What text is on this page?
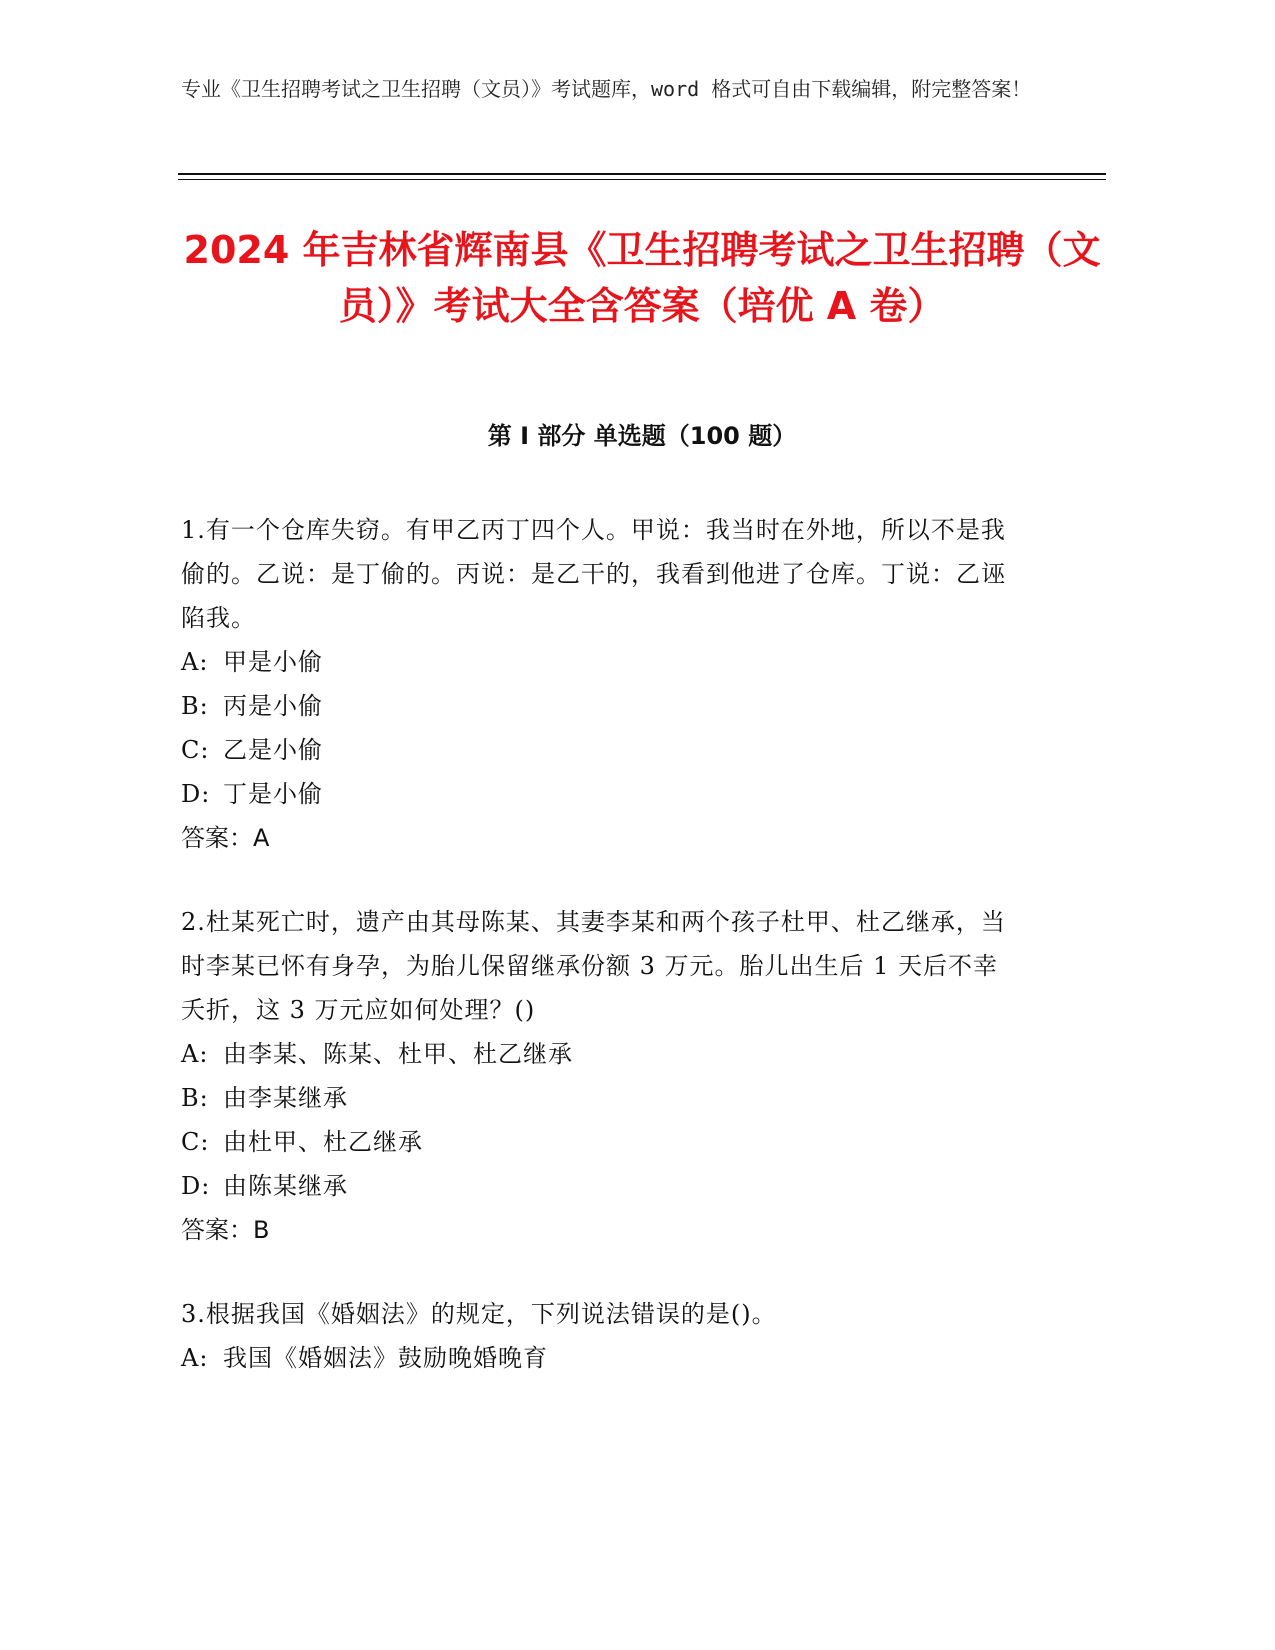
专业《卫生招聘考试之卫生招聘（文员）》考试题库，word 格式可自由下载编辑，附完整答案！
2024 年吉林省辉南县《卫生招聘考试之卫生招聘（文员）》考试大全含答案（培优 A 卷）
第 I 部分 单选题（100 题）

1.有一个仓库失窃。有甲乙丙丁四个人。甲说：我当时在外地，所以不是我偷的。乙说：是丁偷的。丙说：是乙干的，我看到他进了仓库。丁说：乙诬陷我。

A: 甲是小偷

B: 丙是小偷

C: 乙是小偷

D: 丁是小偷

答案：A

2.杜某死亡时，遗产由其母陈某、其妻李某和两个孩子杜甲、杜乙继承，当时李某已怀有身孕，为胎儿保留继承份额 3 万元。胎儿出生后 1 天后不幸夭折，这 3 万元应如何处理？()

A: 由李某、陈某、杜甲、杜乙继承

B: 由李某继承

C: 由杜甲、杜乙继承

D: 由陈某继承

答案：B

3.根据我国《婚姻法》的规定，下列说法错误的是()。

A: 我国《婚姻法》鼓励晚婚晚育
